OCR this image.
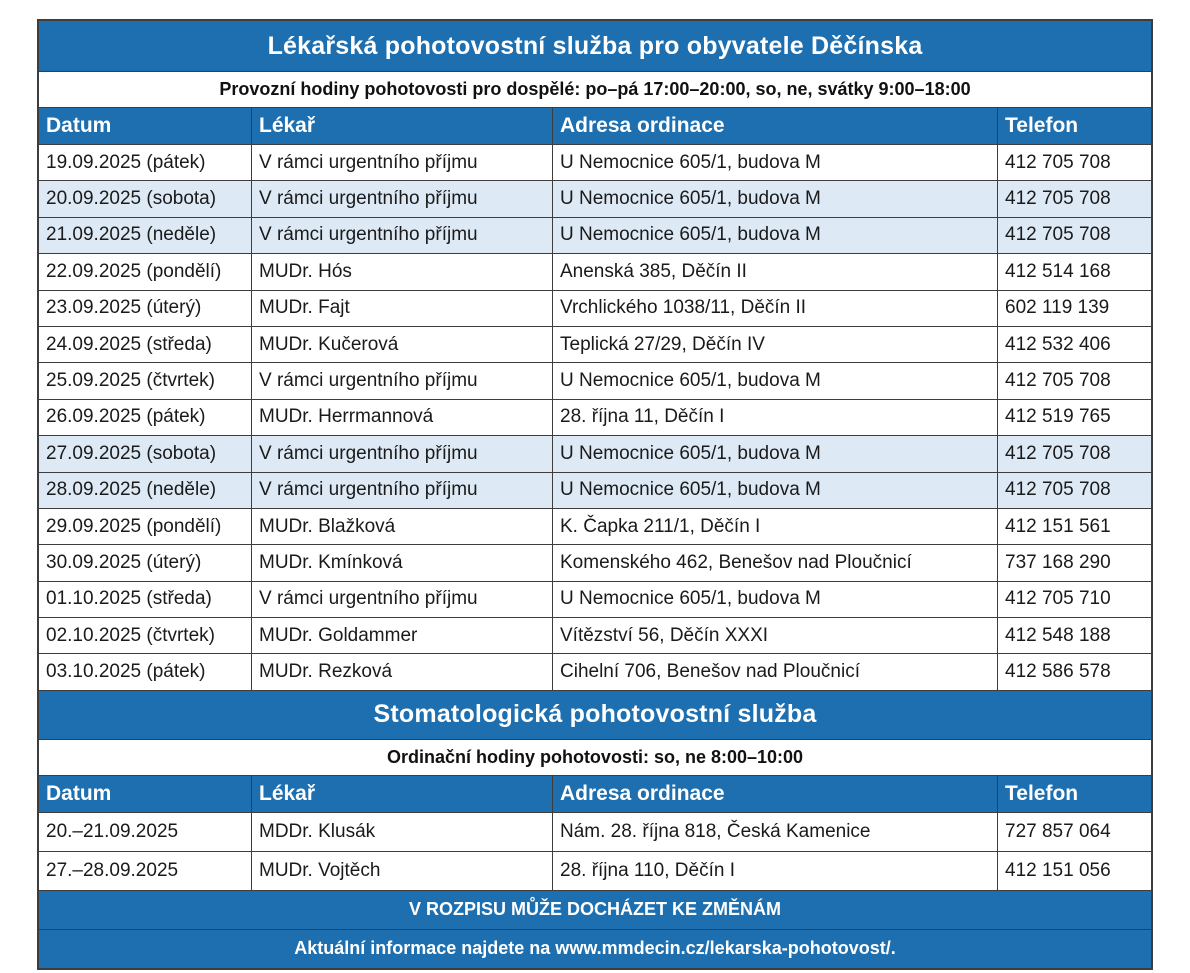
Lékařská pohotovostní služba pro obyvatele Děčínska			
Provozní hodiny pohotovosti pro dospělé: po–pá 17:00–20:00, so, ne, svátky 9:00–18:00			
Datum	Lékař	Adresa ordinace	Telefon
19.09.2025 (pátek)	V rámci urgentního příjmu	U Nemocnice 605/1, budova M	412 705 708
20.09.2025 (sobota)	V rámci urgentního příjmu	U Nemocnice 605/1, budova M	412 705 708
21.09.2025 (neděle)	V rámci urgentního příjmu	U Nemocnice 605/1, budova M	412 705 708
22.09.2025 (pondělí)	MUDr. Hós	Anenská 385, Děčín II	412 514 168
23.09.2025 (úterý)	MUDr. Fajt	Vrchlického 1038/11, Děčín II	602 119 139
24.09.2025 (středa)	MUDr. Kučerová	Teplická 27/29, Děčín IV	412 532 406
25.09.2025 (čtvrtek)	V rámci urgentního příjmu	U Nemocnice 605/1, budova M	412 705 708
26.09.2025 (pátek)	MUDr. Herrmannová	28. října 11, Děčín I	412 519 765
27.09.2025 (sobota)	V rámci urgentního příjmu	U Nemocnice 605/1, budova M	412 705 708
28.09.2025 (neděle)	V rámci urgentního příjmu	U Nemocnice 605/1, budova M	412 705 708
29.09.2025 (pondělí)	MUDr. Blažková	K. Čapka 211/1, Děčín I	412 151 561
30.09.2025 (úterý)	MUDr. Kmínková	Komenského 462, Benešov nad Ploučnicí	737 168 290
01.10.2025 (středa)	V rámci urgentního příjmu	U Nemocnice 605/1, budova M	412 705 710
02.10.2025 (čtvrtek)	MUDr. Goldammer	Vítězství 56, Děčín XXXI	412 548 188
03.10.2025 (pátek)	MUDr. Rezková	Cihelní 706, Benešov nad Ploučnicí	412 586 578
Stomatologická pohotovostní služba			
Ordinační hodiny pohotovosti: so, ne 8:00–10:00			
Datum	Lékař	Adresa ordinace	Telefon
20.–21.09.2025	MDDr. Klusák	Nám. 28. října 818, Česká Kamenice	727 857 064
27.–28.09.2025	MUDr. Vojtěch	28. října 110, Děčín I	412 151 056
V ROZPISU MŮŽE DOCHÁZET KE ZMĚNÁM			
Aktuální informace najdete na www.mmdecin.cz/lekarska-pohotovost/.			
